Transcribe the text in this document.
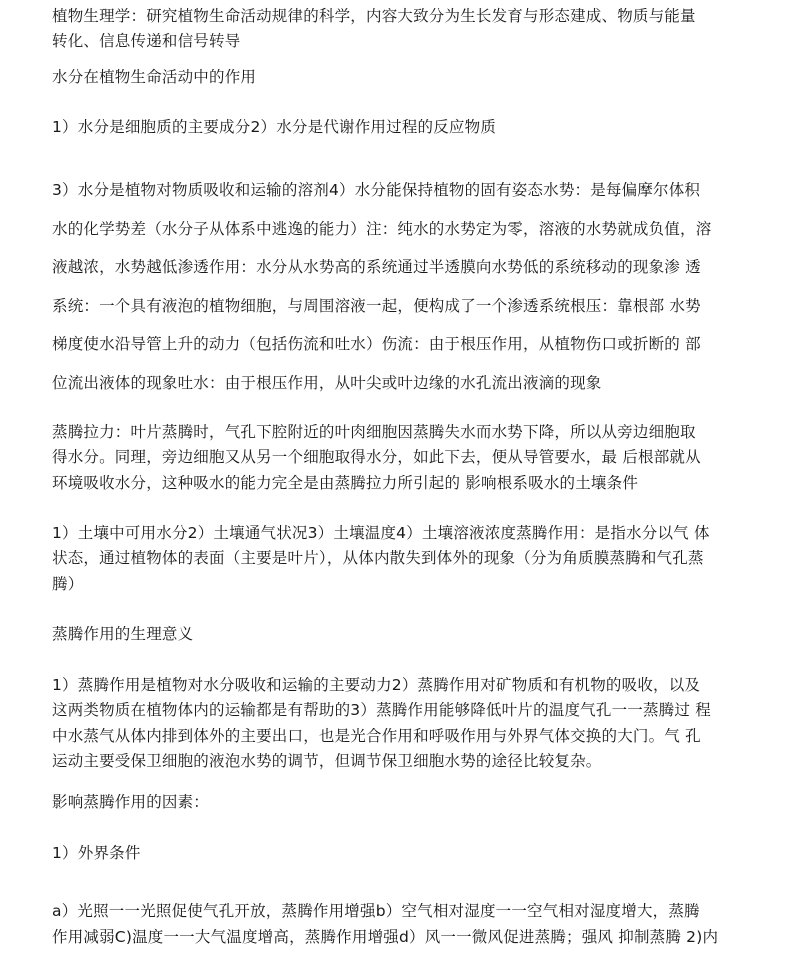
植物生理学：研究植物生命活动规律的科学，内容大致分为生长发育与形态建成、物质与能量
转化、信息传递和信号转导
水分在植物生命活动中的作用
1）水分是细胞质的主要成分2）水分是代谢作用过程的反应物质
3）水分是植物对物质吸收和运输的溶剂4）水分能保持植物的固有姿态水势：是每偏摩尔体积
水的化学势差（水分子从体系中逃逸的能力）注：纯水的水势定为零，溶液的水势就成负值，溶
液越浓，水势越低渗透作用：水分从水势高的系统通过半透膜向水势低的系统移动的现象渗 透
系统：一个具有液泡的植物细胞，与周围溶液一起，便构成了一个渗透系统根压：靠根部 水势
梯度使水沿导管上升的动力（包括伤流和吐水）伤流：由于根压作用，从植物伤口或折断的 部
位流出液体的现象吐水：由于根压作用，从叶尖或叶边缘的水孔流出液滴的现象
蒸腾拉力：叶片蒸腾时，气孔下腔附近的叶肉细胞因蒸腾失水而水势下降，所以从旁边细胞取
得水分。同理，旁边细胞又从另一个细胞取得水分，如此下去，便从导管要水，最 后根部就从
环境吸收水分，这种吸水的能力完全是由蒸腾拉力所引起的 影响根系吸水的土壤条件
1）土壤中可用水分2）土壤通气状况3）土壤温度4）土壤溶液浓度蒸腾作用：是指水分以气 体
状态，通过植物体的表面（主要是叶片），从体内散失到体外的现象（分为角质膜蒸腾和气孔蒸
腾）
蒸腾作用的生理意义
1）蒸腾作用是植物对水分吸收和运输的主要动力2）蒸腾作用对矿物质和有机物的吸收，以及
这两类物质在植物体内的运输都是有帮助的3）蒸腾作用能够降低叶片的温度气孔一一蒸腾过 程
中水蒸气从体内排到体外的主要出口，也是光合作用和呼吸作用与外界气体交换的大门。气 孔
运动主要受保卫细胞的液泡水势的调节，但调节保卫细胞水势的途径比较复杂。
影响蒸腾作用的因素：
1）外界条件
a）光照一一光照促使气孔开放，蒸腾作用增强b）空气相对湿度一一空气相对湿度增大，蒸腾
作用减弱C)温度一一大气温度增高，蒸腾作用增强d）风一一微风促进蒸腾；强风 抑制蒸腾 2)内
